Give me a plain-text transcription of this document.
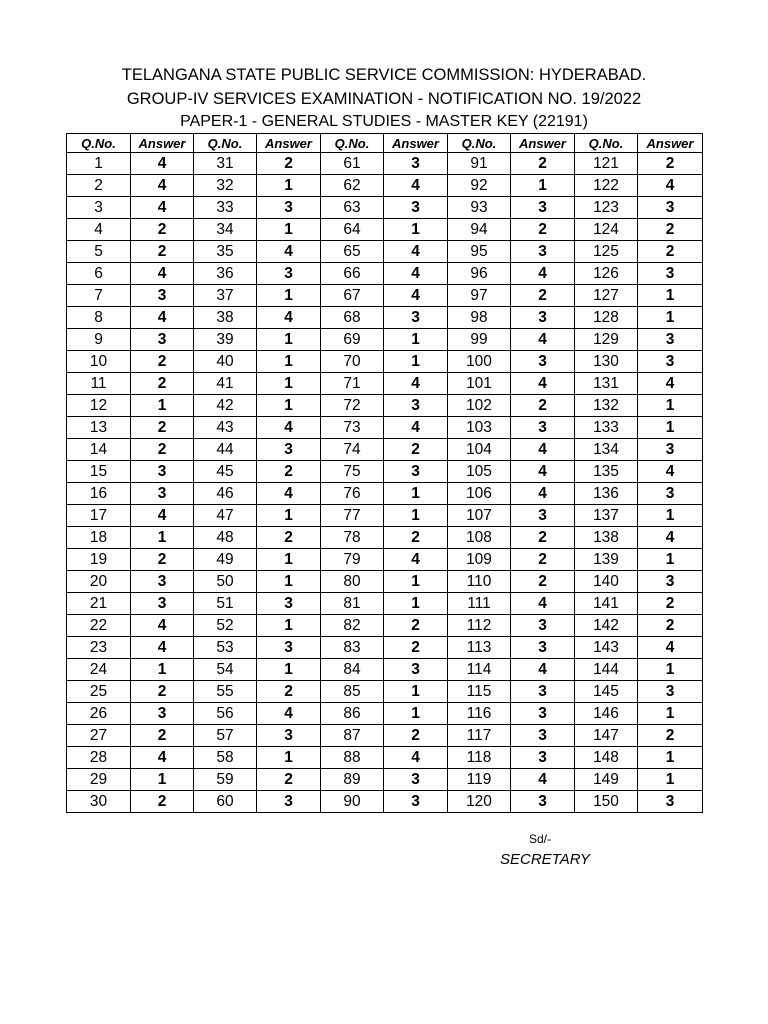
TELANGANA STATE PUBLIC SERVICE COMMISSION: HYDERABAD.
GROUP-IV SERVICES EXAMINATION - NOTIFICATION NO. 19/2022
PAPER-1 - GENERAL STUDIES - MASTER KEY (22191)
Q.No.	Answer	Q.No.	Answer	Q.No.	Answer	Q.No.	Answer	Q.No.	Answer
1	4	31	2	61	3	91	2	121	2
2	4	32	1	62	4	92	1	122	4
3	4	33	3	63	3	93	3	123	3
4	2	34	1	64	1	94	2	124	2
5	2	35	4	65	4	95	3	125	2
6	4	36	3	66	4	96	4	126	3
7	3	37	1	67	4	97	2	127	1
8	4	38	4	68	3	98	3	128	1
9	3	39	1	69	1	99	4	129	3
10	2	40	1	70	1	100	3	130	3
11	2	41	1	71	4	101	4	131	4
12	1	42	1	72	3	102	2	132	1
13	2	43	4	73	4	103	3	133	1
14	2	44	3	74	2	104	4	134	3
15	3	45	2	75	3	105	4	135	4
16	3	46	4	76	1	106	4	136	3
17	4	47	1	77	1	107	3	137	1
18	1	48	2	78	2	108	2	138	4
19	2	49	1	79	4	109	2	139	1
20	3	50	1	80	1	110	2	140	3
21	3	51	3	81	1	111	4	141	2
22	4	52	1	82	2	112	3	142	2
23	4	53	3	83	2	113	3	143	4
24	1	54	1	84	3	114	4	144	1
25	2	55	2	85	1	115	3	145	3
26	3	56	4	86	1	116	3	146	1
27	2	57	3	87	2	117	3	147	2
28	4	58	1	88	4	118	3	148	1
29	1	59	2	89	3	119	4	149	1
30	2	60	3	90	3	120	3	150	3
Sd/-
SECRETARY
